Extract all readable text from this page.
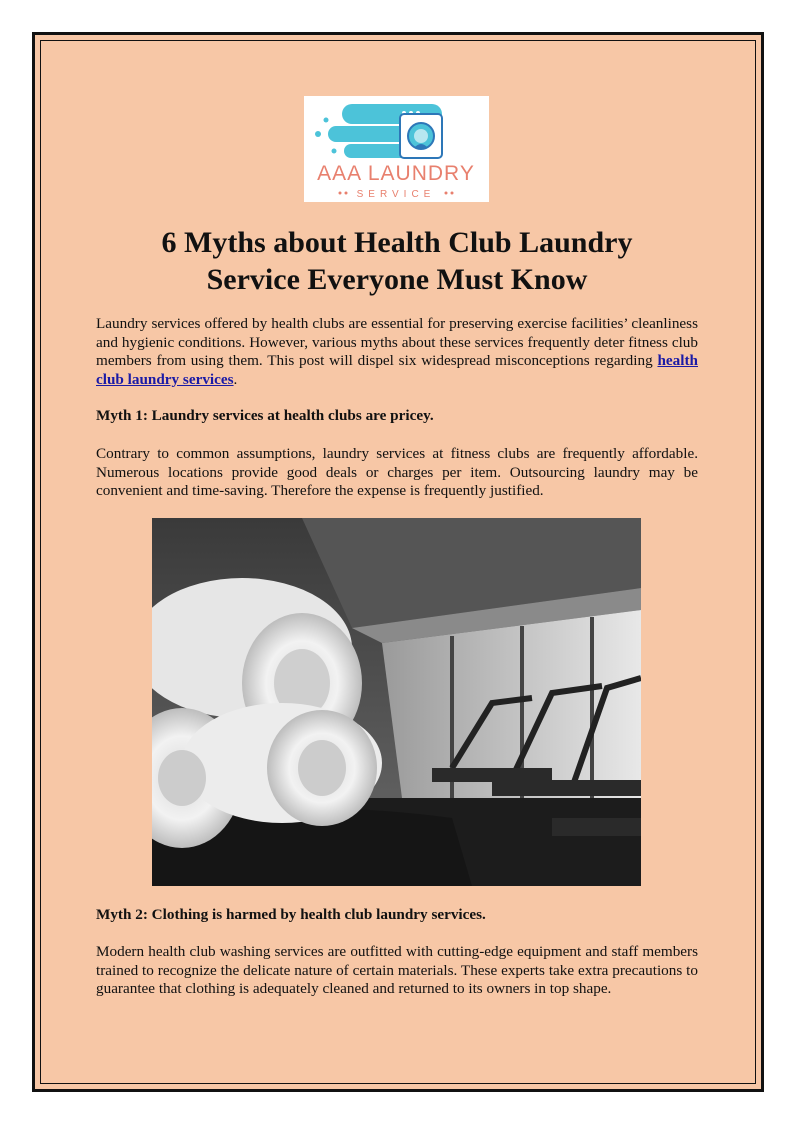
AAA LAUNDRY
SERVICE
6 Myths about Health Club Laundry
Service Everyone Must Know

Laundry services offered by health clubs are essential for preserving exercise facilities’ cleanliness and hygienic conditions. However, various myths about these services frequently deter fitness club members from using them. This post will dispel six widespread misconceptions regarding health club laundry services.

Myth 1: Laundry services at health clubs are pricey.

Contrary to common assumptions, laundry services at fitness clubs are frequently affordable. Numerous locations provide good deals or charges per item. Outsourcing laundry may be convenient and time-saving. Therefore the expense is frequently justified.

Myth 2: Clothing is harmed by health club laundry services.

Modern health club washing services are outfitted with cutting-edge equipment and staff members trained to recognize the delicate nature of certain materials. These experts take extra precautions to guarantee that clothing is adequately cleaned and returned to its owners in top shape.
